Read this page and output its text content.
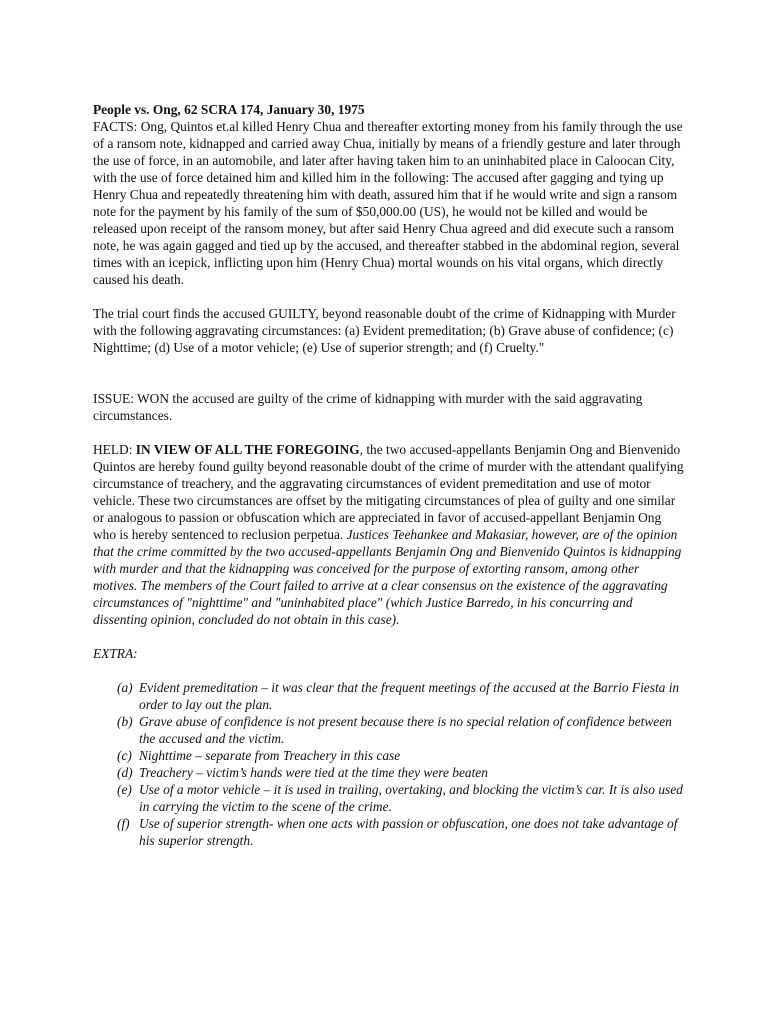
People vs. Ong, 62 SCRA 174, January 30, 1975

FACTS: Ong, Quintos et.al killed Henry Chua and thereafter extorting money from his family through the use of a ransom note, kidnapped and carried away Chua, initially by means of a friendly gesture and later through the use of force, in an automobile, and later after having taken him to an uninhabited place in Caloocan City, with the use of force detained him and killed him in the following: The accused after gagging and tying up Henry Chua and repeatedly threatening him with death, assured him that if he would write and sign a ransom note for the payment by his family of the sum of $50,000.00 (US), he would not be killed and would be released upon receipt of the ransom money, but after said Henry Chua agreed and did execute such a ransom note, he was again gagged and tied up by the accused, and thereafter stabbed in the abdominal region, several times with an icepick, inflicting upon him (Henry Chua) mortal wounds on his vital organs, which directly caused his death.

The trial court finds the accused GUILTY, beyond reasonable doubt of the crime of Kidnapping with Murder with the following aggravating circumstances: (a) Evident premeditation; (b) Grave abuse of confidence; (c) Nighttime; (d) Use of a motor vehicle; (e) Use of superior strength; and (f) Cruelty."

ISSUE: WON the accused are guilty of the crime of kidnapping with murder with the said aggravating circumstances.

HELD: IN VIEW OF ALL THE FOREGOING, the two accused-appellants Benjamin Ong and Bienvenido Quintos are hereby found guilty beyond reasonable doubt of the crime of murder with the attendant qualifying circumstance of treachery, and the aggravating circumstances of evident premeditation and use of motor vehicle. These two circumstances are offset by the mitigating circumstances of plea of guilty and one similar or analogous to passion or obfuscation which are appreciated in favor of accused-appellant Benjamin Ong who is hereby sentenced to reclusion perpetua. Justices Teehankee and Makasiar, however, are of the opinion that the crime committed by the two accused-appellants Benjamin Ong and Bienvenido Quintos is kidnapping with murder and that the kidnapping was conceived for the purpose of extorting ransom, among other motives. The members of the Court failed to arrive at a clear consensus on the existence of the aggravating circumstances of "nighttime" and "uninhabited place" (which Justice Barredo, in his concurring and dissenting opinion, concluded do not obtain in this case).

EXTRA:

(a) Evident premeditation – it was clear that the frequent meetings of the accused at the Barrio Fiesta in order to lay out the plan.
(b) Grave abuse of confidence is not present because there is no special relation of confidence between the accused and the victim.
(c) Nighttime – separate from Treachery in this case
(d) Treachery – victim’s hands were tied at the time they were beaten
(e) Use of a motor vehicle – it is used in trailing, overtaking, and blocking the victim’s car. It is also used in carrying the victim to the scene of the crime.
(f) Use of superior strength- when one acts with passion or obfuscation, one does not take advantage of his superior strength.
